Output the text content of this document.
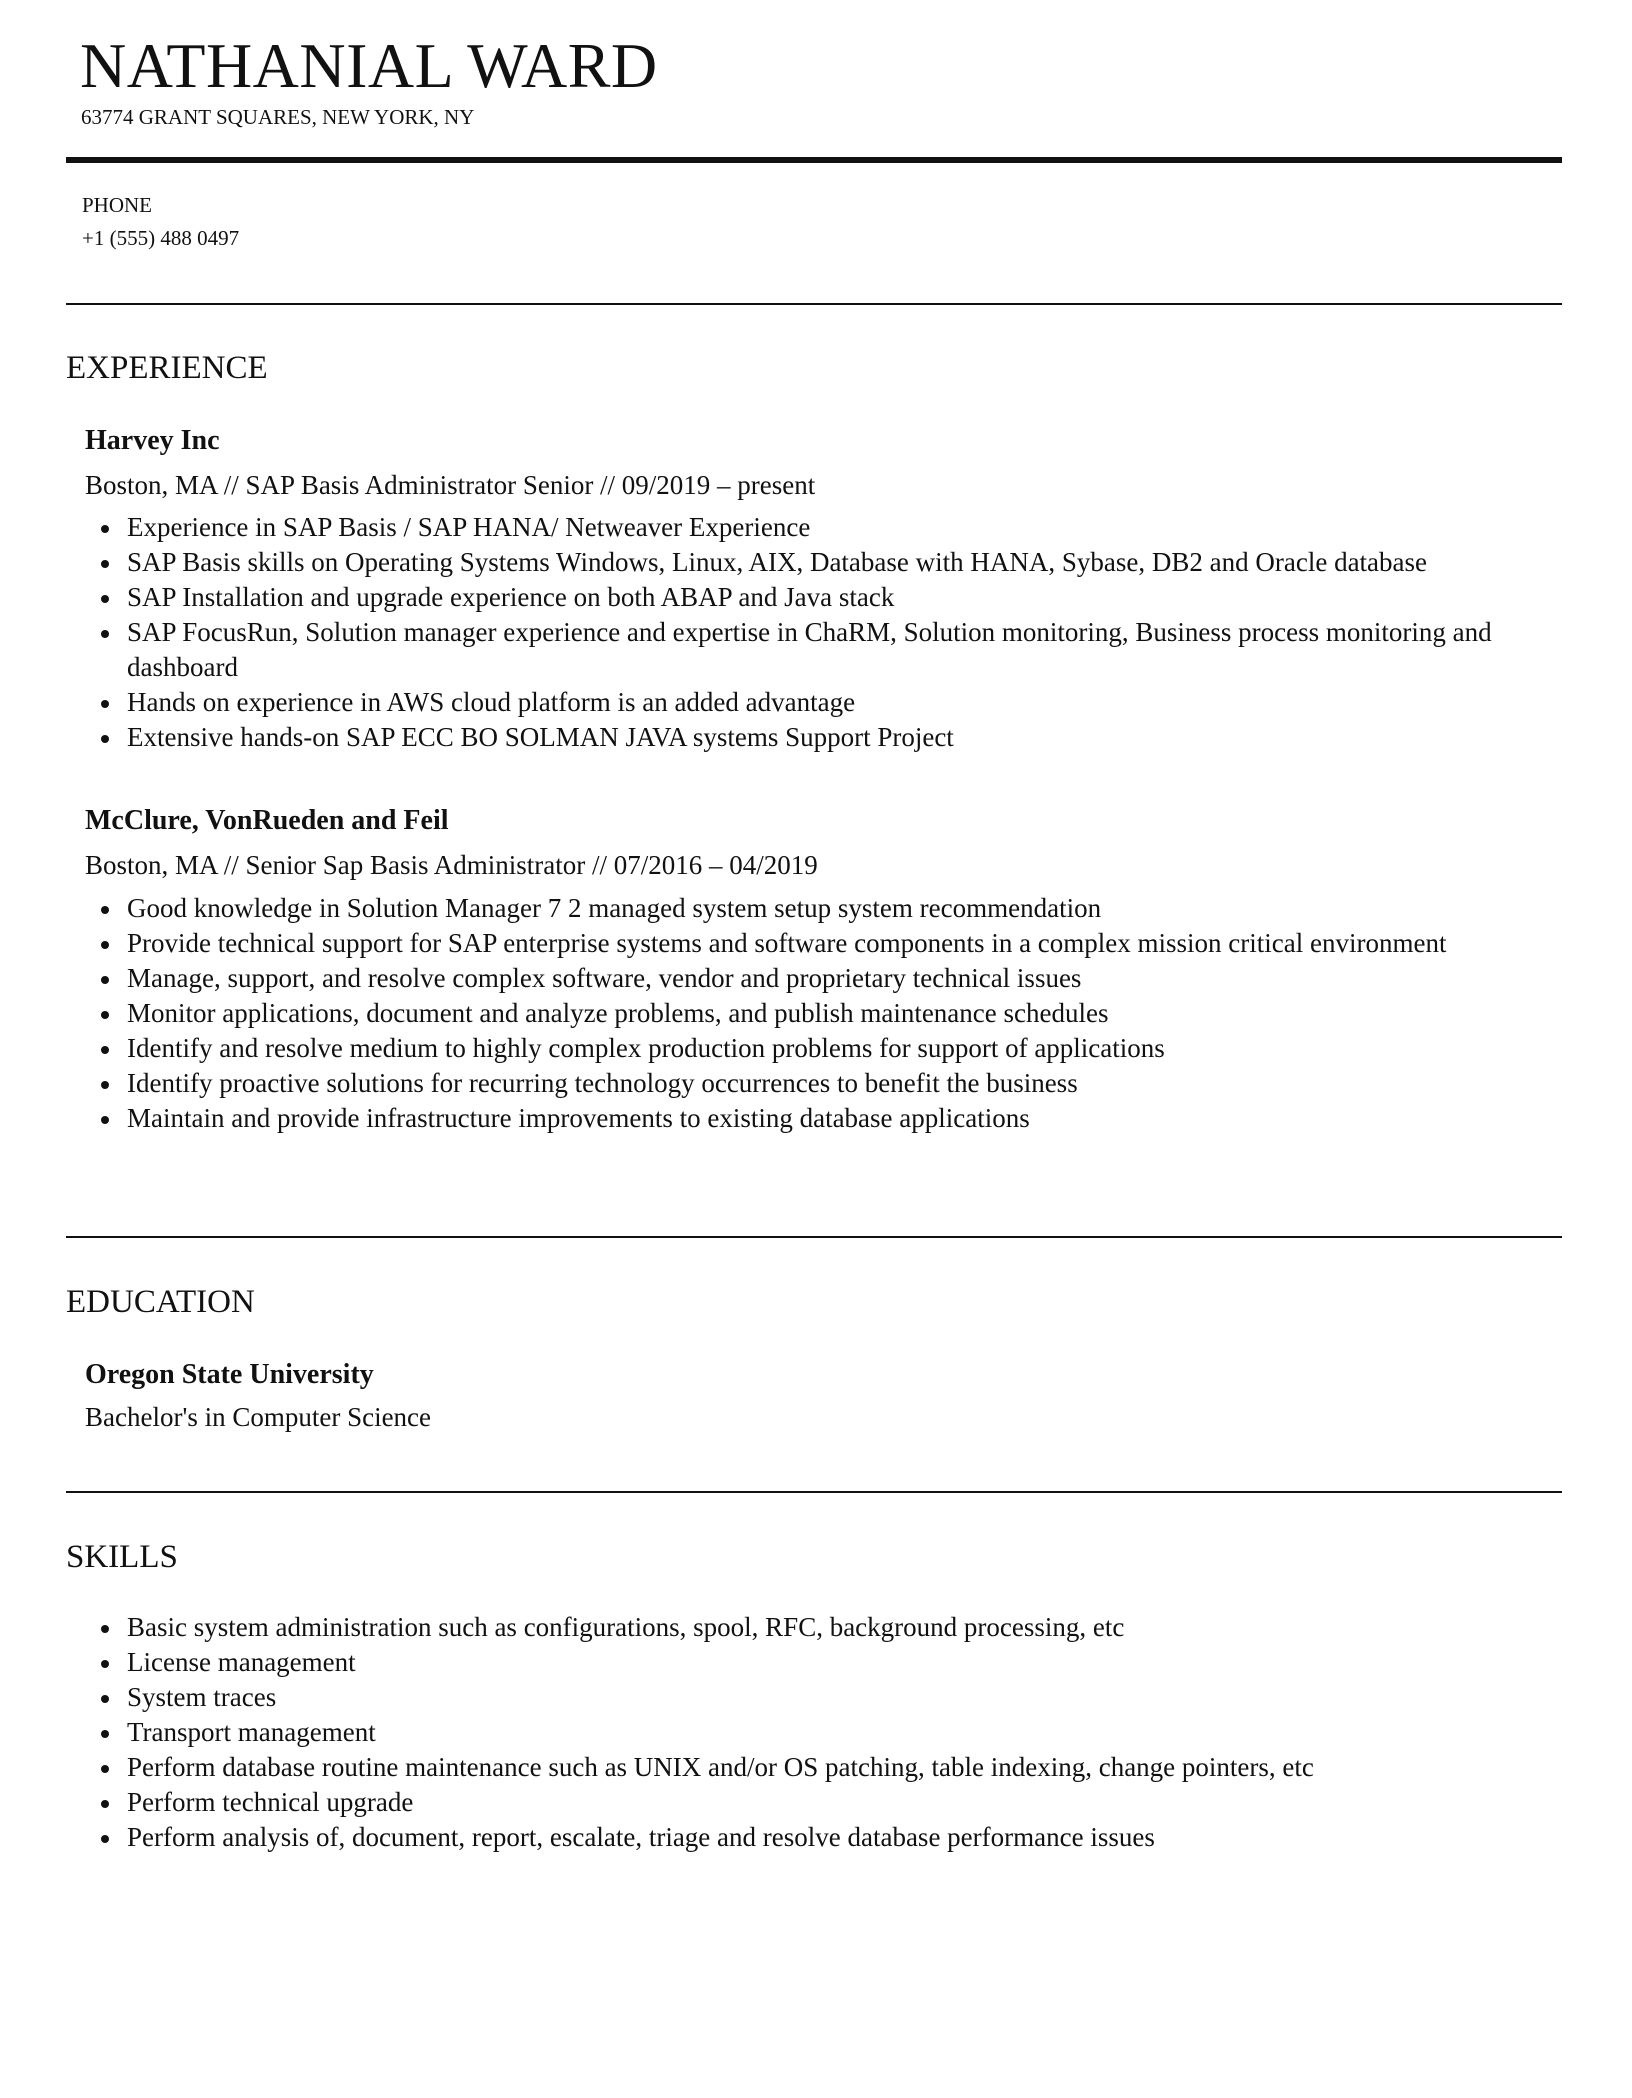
NATHANIAL WARD
63774 GRANT SQUARES, NEW YORK, NY
PHONE
+1 (555) 488 0497
EXPERIENCE
Harvey Inc
Boston, MA // SAP Basis Administrator Senior // 09/2019 – present
Experience in SAP Basis / SAP HANA/ Netweaver Experience
SAP Basis skills on Operating Systems Windows, Linux, AIX, Database with HANA, Sybase, DB2 and Oracle database
SAP Installation and upgrade experience on both ABAP and Java stack
SAP FocusRun, Solution manager experience and expertise in ChaRM, Solution monitoring, Business process monitoring and dashboard
Hands on experience in AWS cloud platform is an added advantage
Extensive hands-on SAP ECC BO SOLMAN JAVA systems Support Project
McClure, VonRueden and Feil
Boston, MA // Senior Sap Basis Administrator // 07/2016 – 04/2019
Good knowledge in Solution Manager 7 2 managed system setup system recommendation
Provide technical support for SAP enterprise systems and software components in a complex mission critical environment
Manage, support, and resolve complex software, vendor and proprietary technical issues
Monitor applications, document and analyze problems, and publish maintenance schedules
Identify and resolve medium to highly complex production problems for support of applications
Identify proactive solutions for recurring technology occurrences to benefit the business
Maintain and provide infrastructure improvements to existing database applications
EDUCATION
Oregon State University
Bachelor's in Computer Science
SKILLS
Basic system administration such as configurations, spool, RFC, background processing, etc
License management
System traces
Transport management
Perform database routine maintenance such as UNIX and/or OS patching, table indexing, change pointers, etc
Perform technical upgrade
Perform analysis of, document, report, escalate, triage and resolve database performance issues
